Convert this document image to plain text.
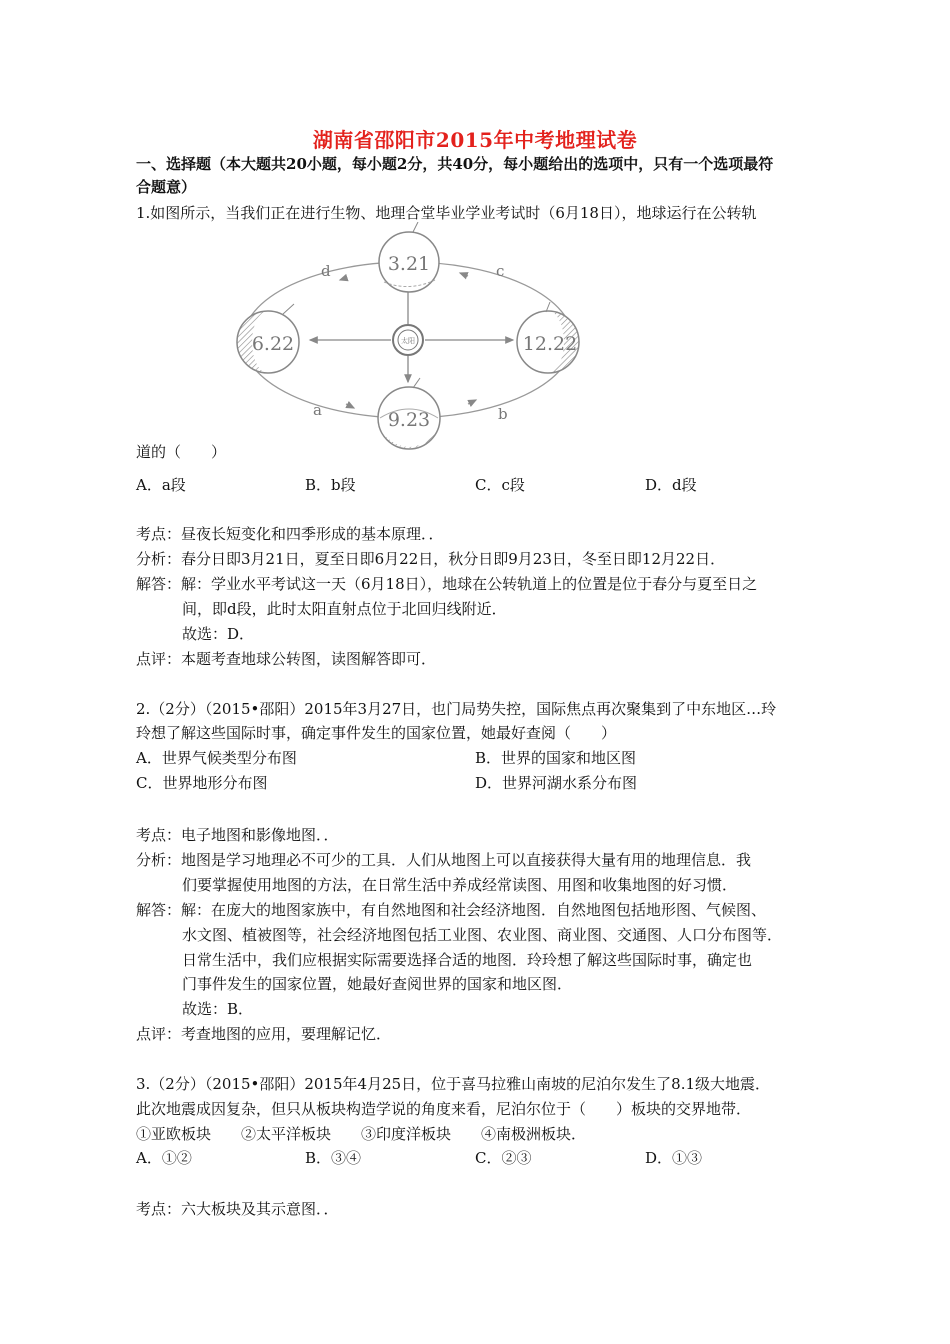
湖南省邵阳市2015年中考地理试卷
一、选择题（本大题共20小题，每小题2分，共40分，每小题给出的选项中，只有一个选项最符
合题意）
1.如图所示，当我们正在进行生物、地理合堂毕业学业考试时（6月18日），地球运行在公转轨
太阳
3.21
6.22
9.23
12.22
d	c
a	b
道的（　　）
A．a段	B．b段	C．c段	D．d段
考点：昼夜长短变化和四季形成的基本原理．．
分析：春分日即3月21日，夏至日即6月22日，秋分日即9月23日，冬至日即12月22日．
解答：解：学业水平考试这一天（6月18日），地球在公转轨道上的位置是位于春分与夏至日之
间，即d段，此时太阳直射点位于北回归线附近．
故选：D．
点评：本题考查地球公转图，读图解答即可．
2.（2分）（2015•邵阳）2015年3月27日，也门局势失控，国际焦点再次聚集到了中东地区…玲
玲想了解这些国际时事，确定事件发生的国家位置，她最好查阅（　　）
A．世界气候类型分布图	B．世界的国家和地区图
C．世界地形分布图	D．世界河湖水系分布图
考点：电子地图和影像地图．．
分析：地图是学习地理必不可少的工具．人们从地图上可以直接获得大量有用的地理信息．我
们要掌握使用地图的方法，在日常生活中养成经常读图、用图和收集地图的好习惯．
解答：解：在庞大的地图家族中，有自然地图和社会经济地图．自然地图包括地形图、气候图、
水文图、植被图等，社会经济地图包括工业图、农业图、商业图、交通图、人口分布图等．
日常生活中，我们应根据实际需要选择合适的地图．玲玲想了解这些国际时事，确定也
门事件发生的国家位置，她最好查阅世界的国家和地区图．
故选：B．
点评：考查地图的应用，要理解记忆．
3.（2分）（2015•邵阳）2015年4月25日，位于喜马拉雅山南坡的尼泊尔发生了8.1级大地震．
此次地震成因复杂，但只从板块构造学说的角度来看，尼泊尔位于（　　）板块的交界地带．
①亚欧板块　　②太平洋板块　　③印度洋板块　　④南极洲板块．
A．①②	B．③④	C．②③	D．①③
考点：六大板块及其示意图．．
